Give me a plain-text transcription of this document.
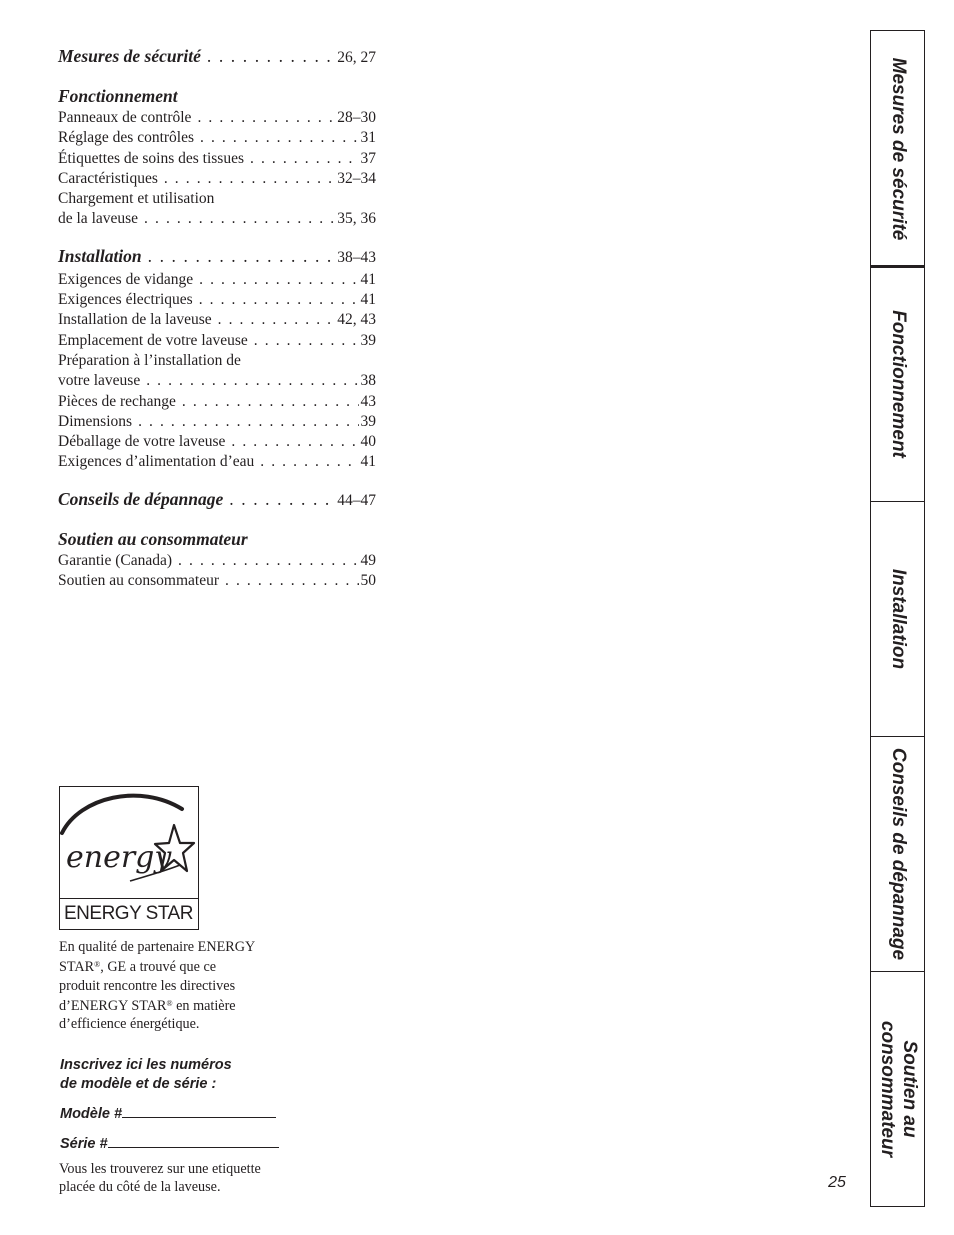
Mesures de sécurité . . .	26, 27
Fonctionnement
Panneaux de contrôle . . .	28–30
Réglage des contrôles . . .	31
Étiquettes de soins des tissues . . .	37
Caractéristiques . . .	32–34
Chargement et utilisation
de la laveuse . . .	35, 36
Installation . . .	38–43
Exigences de vidange . . .	41
Exigences électriques . . .	41
Installation de la laveuse . . .	42, 43
Emplacement de votre laveuse . . .	39
Préparation à l’installation de
votre laveuse . . .	38
Pièces de rechange . . .	43
Dimensions . . .	39
Déballage de votre laveuse . . .	40
Exigences d’alimentation d’eau . . .	41
Conseils de dépannage . . .	44–47
Soutien au consommateur
Garantie (Canada) . . .	49
Soutien au consommateur . . .	50
energy
ENERGY STAR
En qualité de partenaire ENERGY
STAR®, GE a trouvé que ce
produit rencontre les directives
d’ENERGY STAR® en matière
d’efficience énergétique.
Inscrivez ici les numéros
de modèle et de série :
Modèle #
Série #
Vous les trouverez sur une etiquette
placée du côté de la laveuse.	25
Mesures de sécurité
Fonctionnement
Installation
Conseils de dépannage
Soutien au
consommateur
